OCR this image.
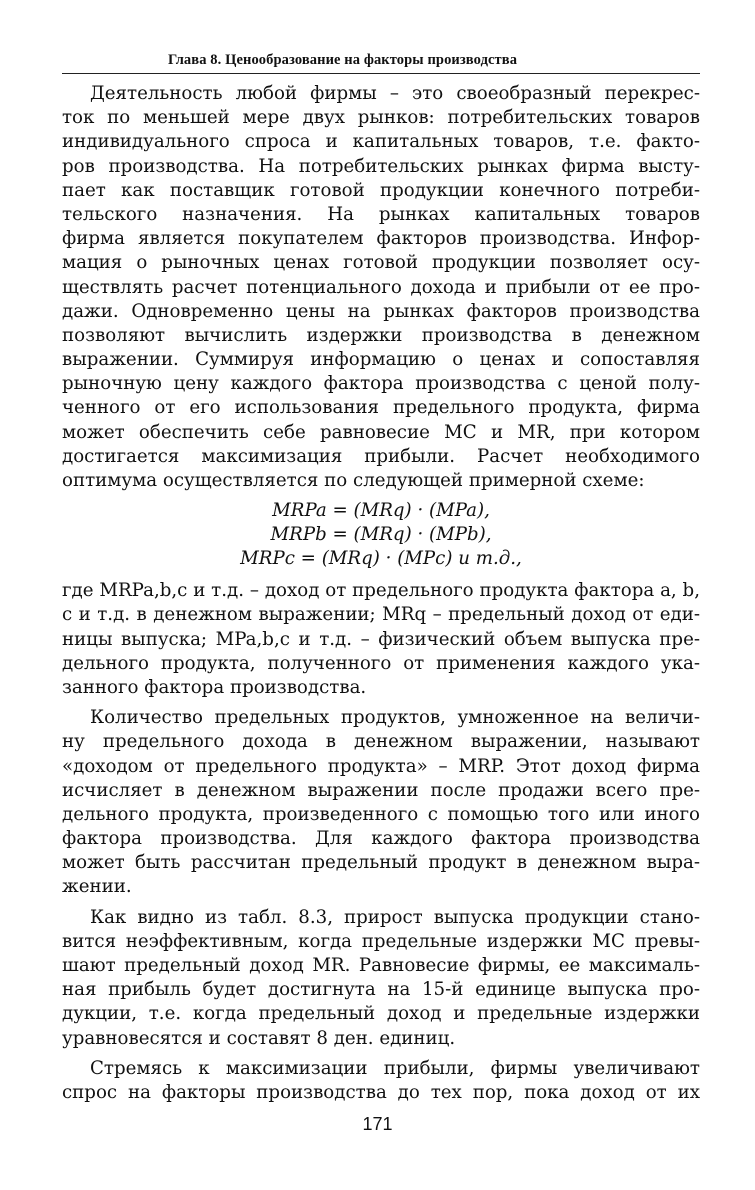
Глава 8. Ценообразование на факторы производства
Деятельность любой фирмы – это своеобразный перекрес-
ток по меньшей мере двух рынков: потребительских товаров
индивидуального спроса и капитальных товаров, т.е. факто-
ров производства. На потребительских рынках фирма высту-
пает как поставщик готовой продукции конечного потреби-
тельского назначения. На рынках капитальных товаров
фирма является покупателем факторов производства. Инфор-
мация о рыночных ценах готовой продукции позволяет осу-
ществлять расчет потенциального дохода и прибыли от ее про-
дажи. Одновременно цены на рынках факторов производства
позволяют вычислить издержки производства в денежном
выражении. Суммируя информацию о ценах и сопоставляя
рыночную цену каждого фактора производства с ценой полу-
ченного от его использования предельного продукта, фирма
может обеспечить себе равновесие MC и MR, при котором
достигается максимизация прибыли. Расчет необходимого
оптимума осуществляется по следующей примерной схеме:
MRPa = (MRq) · (MPa),
MRPb = (MRq) · (MPb),
MRPc = (MRq) · (MPc) и т.д.,
где MRPa,b,c и т.д. – доход от предельного продукта фактора a, b,
c и т.д. в денежном выражении; MRq – предельный доход от еди-
ницы выпуска; MPa,b,c и т.д. – физический объем выпуска пре-
дельного продукта, полученного от применения каждого ука-
занного фактора производства.
Количество предельных продуктов, умноженное на величи-
ну предельного дохода в денежном выражении, называют
«доходом от предельного продукта» – MRP. Этот доход фирма
исчисляет в денежном выражении после продажи всего пре-
дельного продукта, произведенного с помощью того или иного
фактора производства. Для каждого фактора производства
может быть рассчитан предельный продукт в денежном выра-
жении.
Как видно из табл. 8.3, прирост выпуска продукции стано-
вится неэффективным, когда предельные издержки MC превы-
шают предельный доход MR. Равновесие фирмы, ее максималь-
ная прибыль будет достигнута на 15-й единице выпуска про-
дукции, т.е. когда предельный доход и предельные издержки
уравновесятся и составят 8 ден. единиц.
Стремясь к максимизации прибыли, фирмы увеличивают
спрос на факторы производства до тех пор, пока доход от их
171
